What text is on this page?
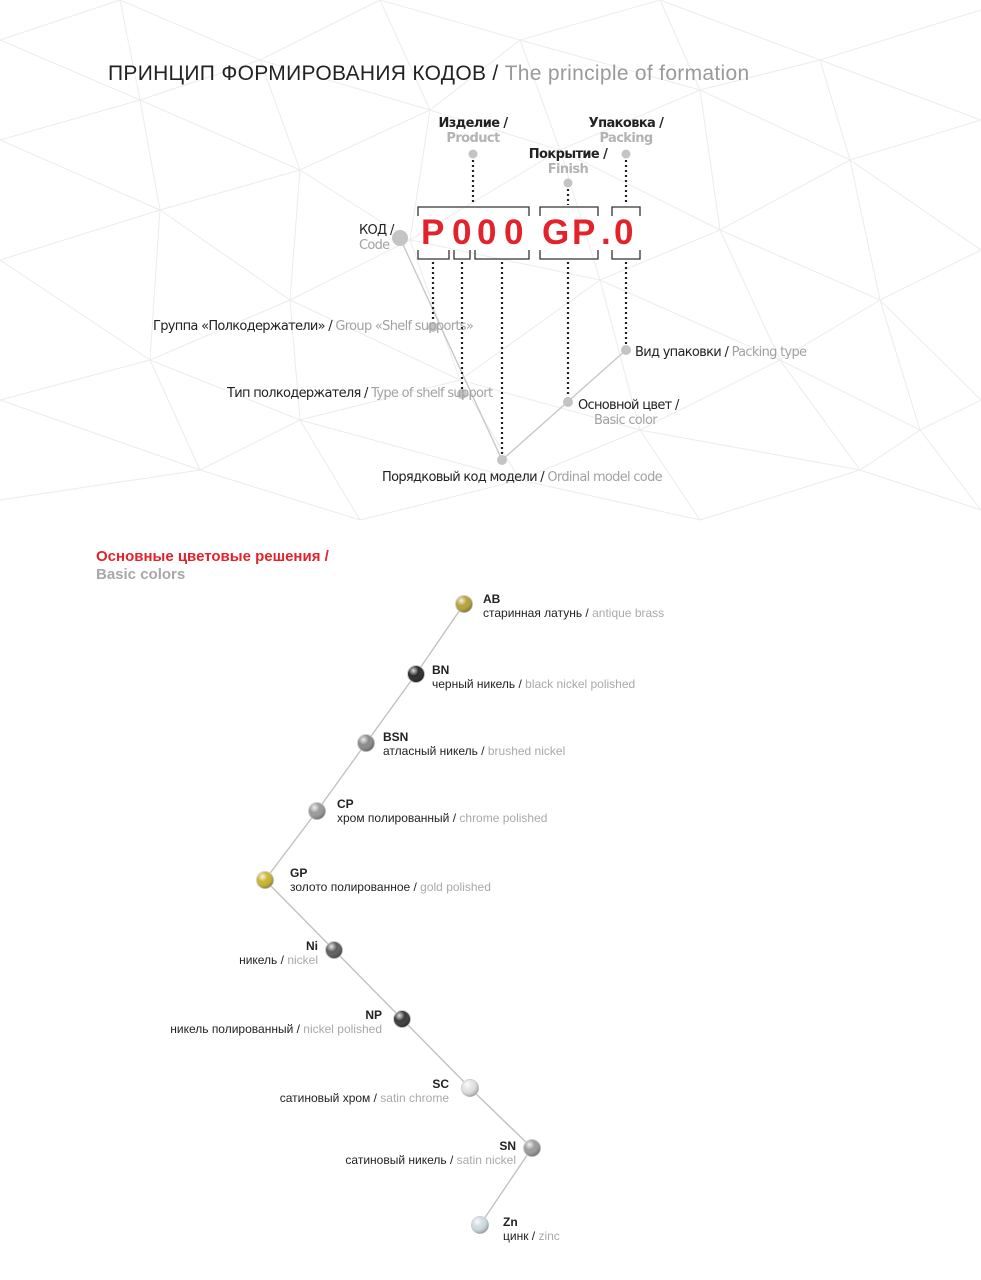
ПРИНЦИП ФОРМИРОВАНИЯ КОДОВ / The principle of formation
P 0 0 0 G P . 0
КОД /
Code
Изделие /
Product
Покрытие /
Finish
Упаковка /
Packing
Группа «Полкодержатели» / Group «Shelf supports»
Тип полкодержателя / Type of shelf support
Порядковый код модели / Ordinal model code
Основной цвет /
Basic color
Вид упаковки / Packing type
Основные цветовые решения /
Basic colors
AB
старинная латунь / antique brass
BN
черный никель / black nickel polished
BSN
атласный никель / brushed nickel
CP
хром полированный / chrome polished
GP
золото полированное / gold polished
Ni
никель / nickel
NP
никель полированный / nickel polished
SC
сатиновый хром / satin chrome
SN
сатиновый никель / satin nickel
Zn
цинк / zinc
